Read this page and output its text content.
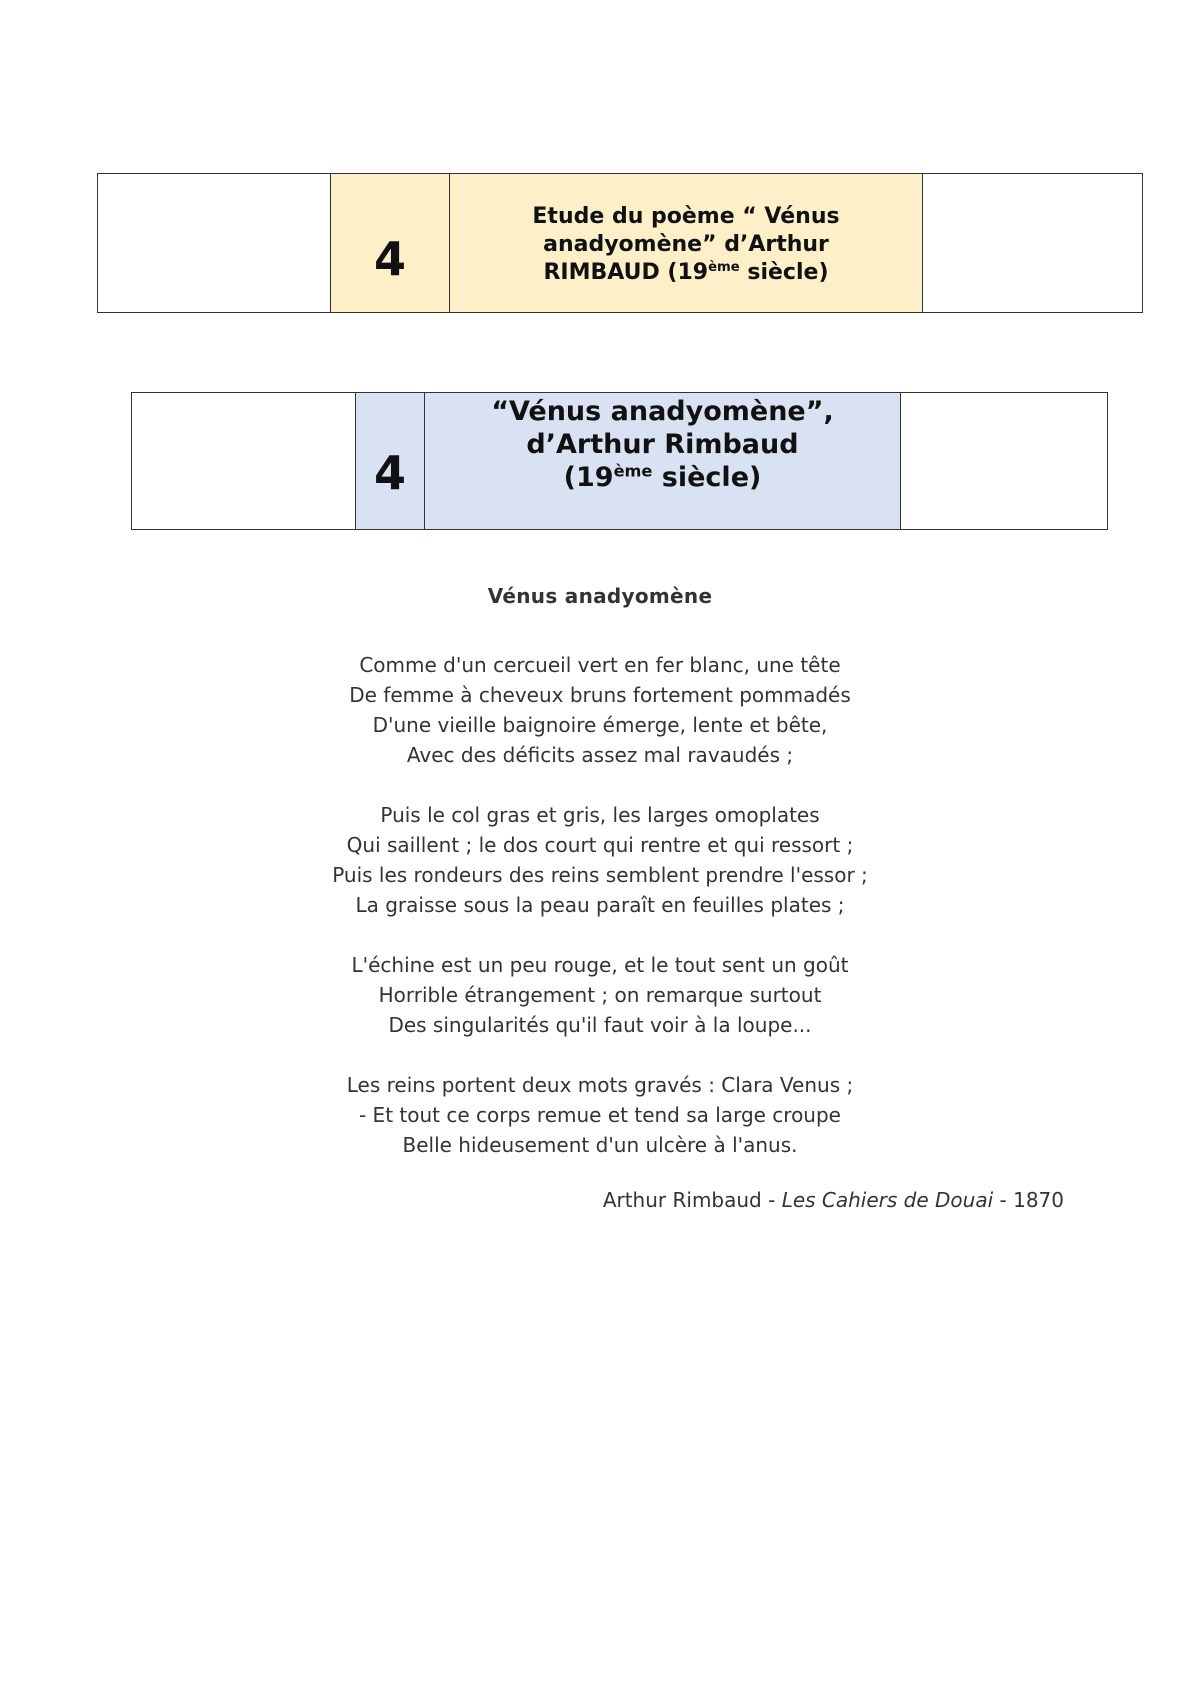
4
Etude du poème “ Vénus
anadyomène” d’Arthur
RIMBAUD (19ème siècle)
4
“Vénus anadyomène”,
d’Arthur Rimbaud
(19ème siècle)
Vénus anadyomène
Comme d'un cercueil vert en fer blanc, une tête
De femme à cheveux bruns fortement pommadés
D'une vieille baignoire émerge, lente et bête,
Avec des déficits assez mal ravaudés ;
Puis le col gras et gris, les larges omoplates
Qui saillent ; le dos court qui rentre et qui ressort ;
Puis les rondeurs des reins semblent prendre l'essor ;
La graisse sous la peau paraît en feuilles plates ;
L'échine est un peu rouge, et le tout sent un goût
Horrible étrangement ; on remarque surtout
Des singularités qu'il faut voir à la loupe...
Les reins portent deux mots gravés : Clara Venus ;
- Et tout ce corps remue et tend sa large croupe
Belle hideusement d'un ulcère à l'anus.
Arthur Rimbaud - Les Cahiers de Douai - 1870
